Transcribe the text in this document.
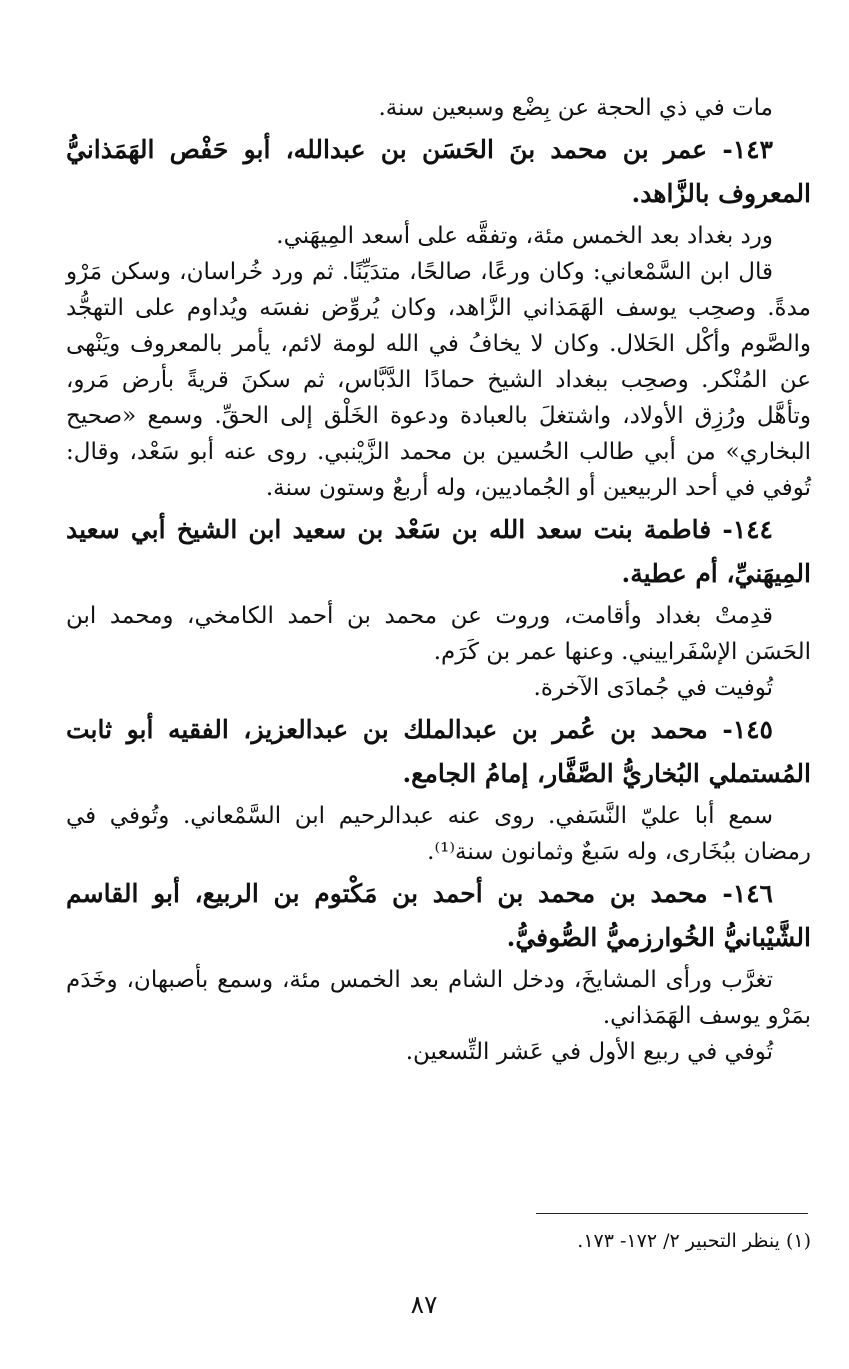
مات في ذي الحجة عن بِضْع وسبعين سنة.

١٤٣- عمر بن محمد بنَ الحَسَن بن عبدالله، أبو حَفْص الهَمَذانيُّ المعروف بالزَّاهد.

ورد بغداد بعد الخمس مئة، وتفقَّه على أسعد المِيهَني.

قال ابن السَّمْعاني: وكان ورعًا، صالحًا، متدَيِّنًا. ثم ورد خُراسان، وسكن مَرْو مدةً. وصحِب يوسف الهَمَذاني الزَّاهد، وكان يُروِّض نفسَه ويُداوم على التهجُّد والصَّوم وأكْل الحَلال. وكان لا يخافُ في الله لومة لائم، يأمر بالمعروف ويَنْهى عن المُنْكر. وصحِب ببغداد الشيخ حمادًا الدَّبَّاس، ثم سكنَ قريةً بأرض مَرو، وتأهَّل ورُزِق الأولاد، واشتغلَ بالعبادة ودعوة الخَلْق إلى الحقِّ. وسمع «صحيح البخاري» من أبي طالب الحُسين بن محمد الزَّيْنبي. روى عنه أبو سَعْد، وقال: تُوفي في أحد الربيعين أو الجُماديين، وله أربعٌ وستون سنة.

١٤٤- فاطمة بنت سعد الله بن سَعْد بن سعيد ابن الشيخ أبي سعيد المِيهَنيِّ، أم عطية.

قدِمتْ بغداد وأقامت، وروت عن محمد بن أحمد الكامخي، ومحمد ابن الحَسَن الإسْفَراييني. وعنها عمر بن كَرَم.

تُوفيت في جُمادَى الآخرة.

١٤٥- محمد بن عُمر بن عبدالملك بن عبدالعزيز، الفقيه أبو ثابت المُستملي البُخاريُّ الصَّفَّار، إمامُ الجامع.

سمع أبا عليّ النَّسَفي. روى عنه عبدالرحيم ابن السَّمْعاني. وتُوفي في رمضان ببُخَارى، وله سَبعٌ وثمانون سنة⁽¹⁾.

١٤٦- محمد بن محمد بن أحمد بن مَكْتوم بن الربيع، أبو القاسم الشَّيْبانيُّ الخُوارزميُّ الصُّوفيُّ.

تغرَّب ورأى المشايخَ، ودخل الشام بعد الخمس مئة، وسمع بأصبهان، وخَدَم بمَرْو يوسف الهَمَذاني.

تُوفي في ربيع الأول في عَشر التِّسعين.

(١) ينظر التحبير ٢/ ١٧٢- ١٧٣.
٨٧
